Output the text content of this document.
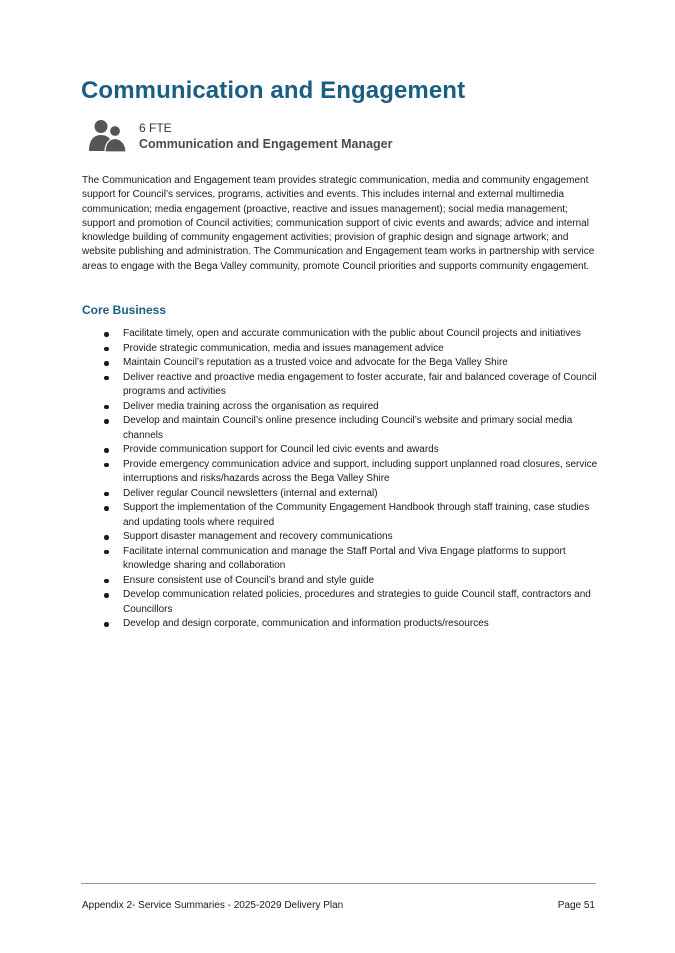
Communication and Engagement
6 FTE
Communication and Engagement Manager

The Communication and Engagement team provides strategic communication, media and community engagement support for Council’s services, programs, activities and events. This includes internal and external multimedia communication; media engagement (proactive, reactive and issues management); social media management; support and promotion of Council activities; communication support of civic events and awards; advice and internal knowledge building of community engagement activities; provision of graphic design and signage artwork; and website publishing and administration. The Communication and Engagement team works in partnership with service areas to engage with the Bega Valley community, promote Council priorities and supports community engagement.

Core Business
Facilitate timely, open and accurate communication with the public about Council projects and initiatives
Provide strategic communication, media and issues management advice
Maintain Council’s reputation as a trusted voice and advocate for the Bega Valley Shire
Deliver reactive and proactive media engagement to foster accurate, fair and balanced coverage of Council programs and activities
Deliver media training across the organisation as required
Develop and maintain Council’s online presence including Council’s website and primary social media channels
Provide communication support for Council led civic events and awards
Provide emergency communication advice and support, including support unplanned road closures, service interruptions and risks/hazards across the Bega Valley Shire
Deliver regular Council newsletters (internal and external)
Support the implementation of the Community Engagement Handbook through staff training, case studies and updating tools where required
Support disaster management and recovery communications
Facilitate internal communication and manage the Staff Portal and Viva Engage platforms to support knowledge sharing and collaboration
Ensure consistent use of Council’s brand and style guide
Develop communication related policies, procedures and strategies to guide Council staff, contractors and Councillors
Develop and design corporate, communication and information products/resources
Appendix 2- Service Summaries - 2025-2029 Delivery Plan	Page 51
